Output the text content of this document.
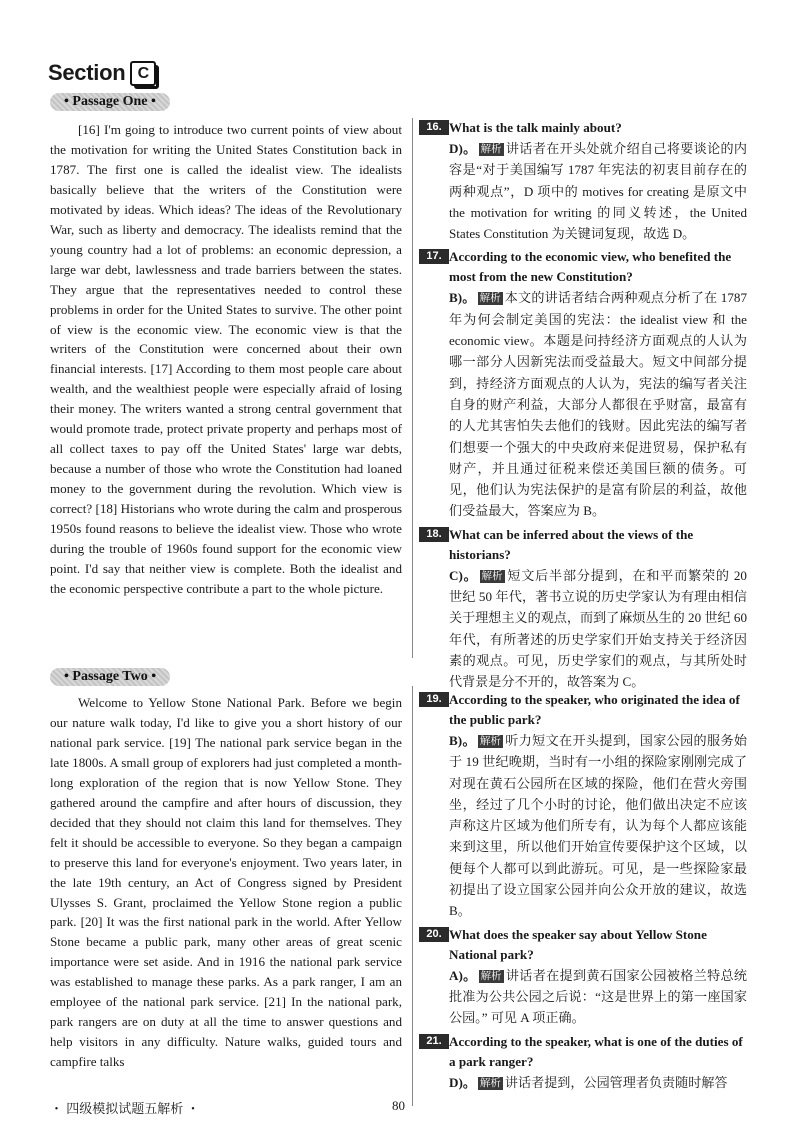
Section C
• Passage One •

[16] I'm going to introduce two current points of view about the motivation for writing the United States Constitution back in 1787. The first one is called the idealist view. The idealists basically believe that the writers of the Constitution were motivated by ideas. Which ideas? The ideas of the Revolutionary War, such as liberty and democracy. The idealists remind that the young country had a lot of problems: an economic depression, a large war debt, lawlessness and trade barriers between the states. They argue that the representatives needed to control these problems in order for the United States to survive. The other point of view is the economic view. The economic view is that the writers of the Constitution were concerned about their own financial interests. [17] According to them most people care about wealth, and the wealthiest people were especially afraid of losing their money. The writers wanted a strong central government that would promote trade, protect private property and perhaps most of all collect taxes to pay off the United States' large war debts, because a number of those who wrote the Constitution had loaned money to the government during the revolution. Which view is correct? [18] Historians who wrote during the calm and prosperous 1950s found reasons to believe the idealist view. Those who wrote during the trouble of 1960s found support for the economic view point. I'd say that neither view is complete. Both the idealist and the economic perspective contribute a part to the whole picture.

• Passage Two •

Welcome to Yellow Stone National Park. Before we begin our nature walk today, I'd like to give you a short history of our national park service. [19] The national park service began in the late 1800s. A small group of explorers had just completed a month-long exploration of the region that is now Yellow Stone. They gathered around the campfire and after hours of discussion, they decided that they should not claim this land for themselves. They felt it should be accessible to everyone. So they began a campaign to preserve this land for everyone's enjoyment. Two years later, in the late 19th century, an Act of Congress signed by President Ulysses S. Grant, proclaimed the Yellow Stone region a public park. [20] It was the first national park in the world. After Yellow Stone became a public park, many other areas of great scenic importance were set aside. And in 1916 the national park service was established to manage these parks. As a park ranger, I am an employee of the national park service. [21] In the national park, park rangers are on duty at all the time to answer questions and help visitors in any difficulty. Nature walks, guided tours and campfire talks

16. What is the talk mainly about?
D)。 解析 讲话者在开头处就介绍自己将要谈论的内容是“对于美国编写 1787 年宪法的初衷目前存在的两种观点”，D 项中的 motives for creating 是原文中 the motivation for writing 的同义转述，the United States Constitution 为关键词复现，故选 D。
17. According to the economic view, who benefited the most from the new Constitution?
B)。 解析 本文的讲话者结合两种观点分析了在 1787 年为何会制定美国的宪法：the idealist view 和 the economic view。本题是问持经济方面观点的人认为哪一部分人因新宪法而受益最大。短文中间部分提到，持经济方面观点的人认为，宪法的编写者关注自身的财产利益，大部分人都很在乎财富，最富有的人尤其害怕失去他们的钱财。因此宪法的编写者们想要一个强大的中央政府来促进贸易，保护私有财产，并且通过征税来偿还美国巨额的债务。可见，他们认为宪法保护的是富有阶层的利益，故他们受益最大，答案应为 B。
18. What can be inferred about the views of the historians?
C)。 解析 短文后半部分提到，在和平而繁荣的 20 世纪 50 年代，著书立说的历史学家认为有理由相信关于理想主义的观点，而到了麻烦丛生的 20 世纪 60 年代，有所著述的历史学家们开始支持关于经济因素的观点。可见，历史学家们的观点，与其所处时代背景是分不开的，故答案为 C。
19. According to the speaker, who originated the idea of the public park?
B)。 解析 听力短文在开头提到，国家公园的服务始于 19 世纪晚期，当时有一小组的探险家刚刚完成了对现在黄石公园所在区域的探险，他们在营火旁围坐，经过了几个小时的讨论，他们做出决定不应该声称这片区域为他们所专有，认为每个人都应该能来到这里，所以他们开始宣传要保护这个区域，以便每个人都可以到此游玩。可见，是一些探险家最初提出了设立国家公园并向公众开放的建议，故选 B。
20. What does the speaker say about Yellow Stone National park?
A)。 解析 讲话者在提到黄石国家公园被格兰特总统批准为公共公园之后说：“这是世界上的第一座国家公园。” 可见 A 项正确。
21. According to the speaker, what is one of the duties of a park ranger?
D)。 解析 讲话者提到，公园管理者负责随时解答
・ 四级模拟试题五解析 ・	80
